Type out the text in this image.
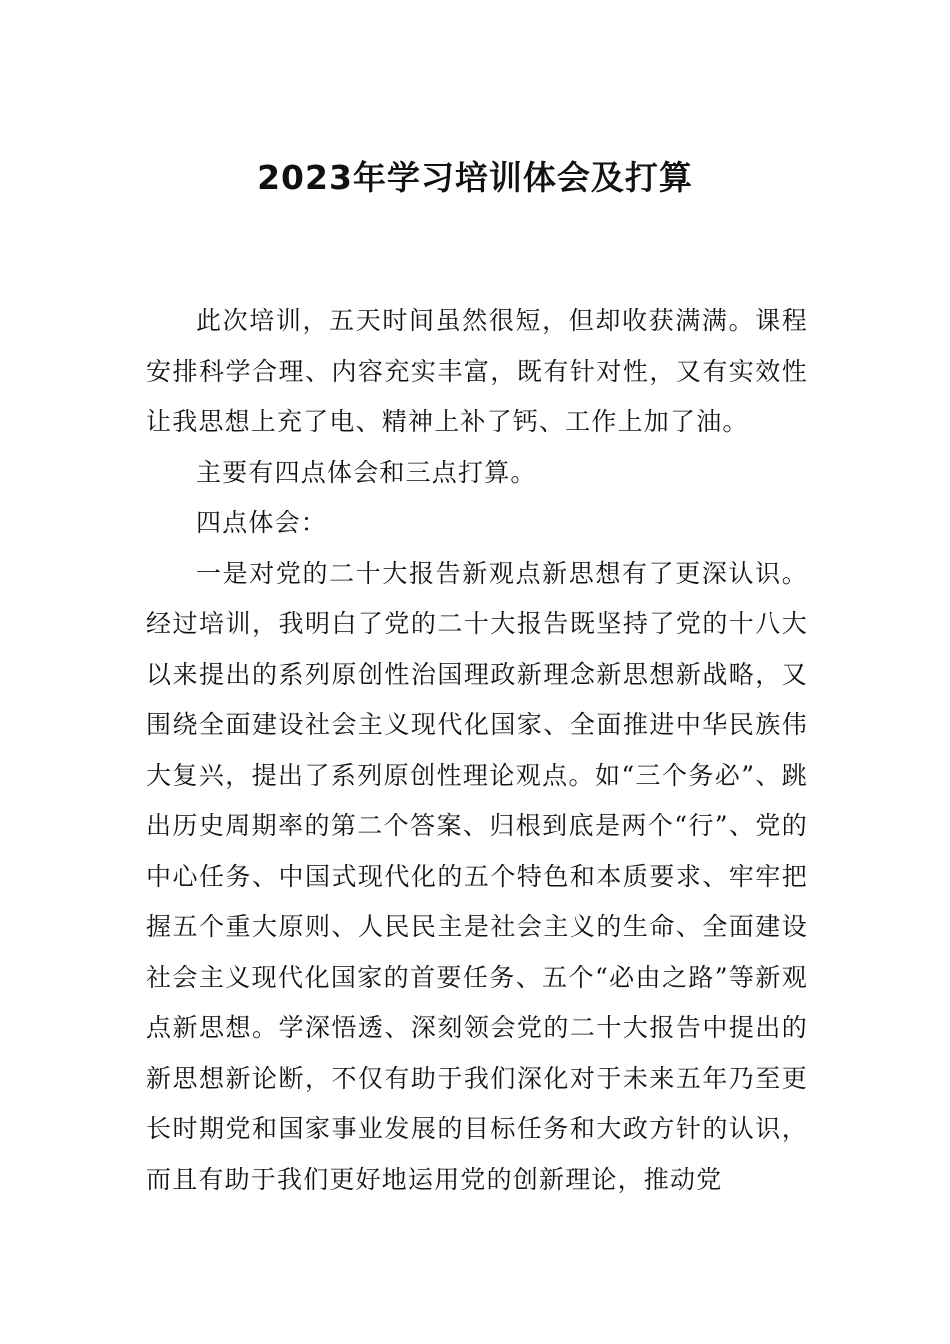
2023年学习培训体会及打算

此次培训，五天时间虽然很短，但却收获满满。课程安排科学合理、内容充实丰富，既有针对性，又有实效性让我思想上充了电、精神上补了钙、工作上加了油。

主要有四点体会和三点打算。

四点体会：

一是对党的二十大报告新观点新思想有了更深认识。经过培训，我明白了党的二十大报告既坚持了党的十八大以来提出的系列原创性治国理政新理念新思想新战略，又围绕全面建设社会主义现代化国家、全面推进中华民族伟大复兴，提出了系列原创性理论观点。如“三个务必”、跳出历史周期率的第二个答案、归根到底是两个“行”、党的中心任务、中国式现代化的五个特色和本质要求、牢牢把握五个重大原则、人民民主是社会主义的生命、全面建设社会主义现代化国家的首要任务、五个“必由之路”等新观点新思想。学深悟透、深刻领会党的二十大报告中提出的新思想新论断，不仅有助于我们深化对于未来五年乃至更长时期党和国家事业发展的目标任务和大政方针的认识，而且有助于我们更好地运用党的创新理论，推动党
